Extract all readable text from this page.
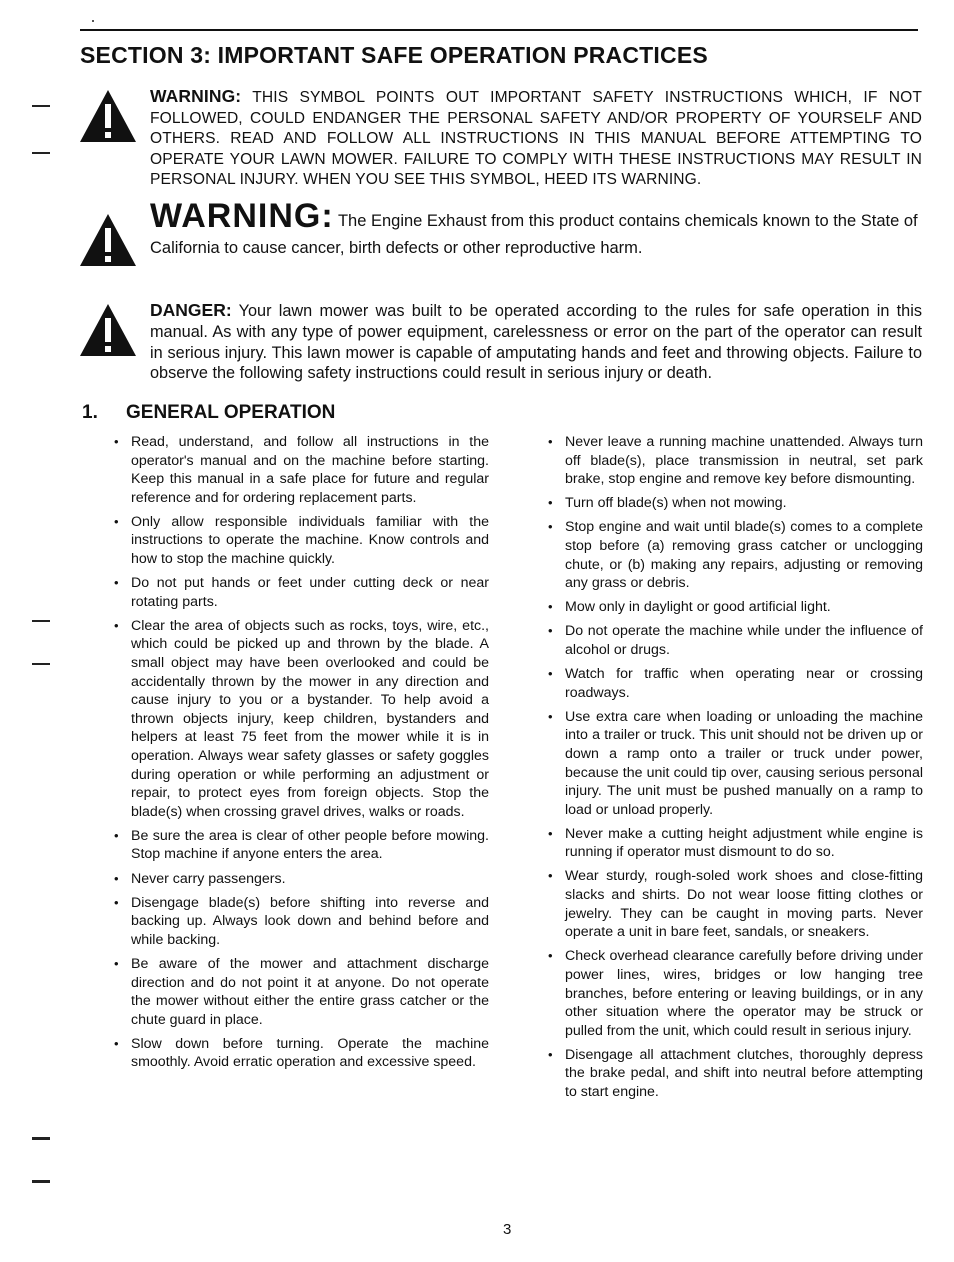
SECTION 3: IMPORTANT SAFE OPERATION PRACTICES
WARNING: THIS SYMBOL POINTS OUT IMPORTANT SAFETY INSTRUCTIONS WHICH, IF NOT FOLLOWED, COULD ENDANGER THE PERSONAL SAFETY AND/OR PROPERTY OF YOURSELF AND OTHERS. READ AND FOLLOW ALL INSTRUCTIONS IN THIS MANUAL BEFORE ATTEMPTING TO OPERATE YOUR LAWN MOWER. FAILURE TO COMPLY WITH THESE INSTRUCTIONS MAY RESULT IN PERSONAL INJURY. WHEN YOU SEE THIS SYMBOL, HEED ITS WARNING.
WARNING: The Engine Exhaust from this product contains chemicals known to the State of California to cause cancer, birth defects or other reproductive harm.
DANGER: Your lawn mower was built to be operated according to the rules for safe operation in this manual. As with any type of power equipment, carelessness or error on the part of the operator can result in serious injury. This lawn mower is capable of amputating hands and feet and throwing objects. Failure to observe the following safety instructions could result in serious injury or death.
1. GENERAL OPERATION
• Read, understand, and follow all instructions in the operator's manual and on the machine before starting. Keep this manual in a safe place for future and regular reference and for ordering replacement parts.
• Only allow responsible individuals familiar with the instructions to operate the machine. Know controls and how to stop the machine quickly.
• Do not put hands or feet under cutting deck or near rotating parts.
• Clear the area of objects such as rocks, toys, wire, etc., which could be picked up and thrown by the blade. A small object may have been overlooked and could be accidentally thrown by the mower in any direction and cause injury to you or a bystander. To help avoid a thrown objects injury, keep children, bystanders and helpers at least 75 feet from the mower while it is in operation. Always wear safety glasses or safety goggles during operation or while performing an adjustment or repair, to protect eyes from foreign objects. Stop the blade(s) when crossing gravel drives, walks or roads.
• Be sure the area is clear of other people before mowing. Stop machine if anyone enters the area.
• Never carry passengers.
• Disengage blade(s) before shifting into reverse and backing up. Always look down and behind before and while backing.
• Be aware of the mower and attachment discharge direction and do not point it at anyone. Do not operate the mower without either the entire grass catcher or the chute guard in place.
• Slow down before turning. Operate the machine smoothly. Avoid erratic operation and excessive speed.
• Never leave a running machine unattended. Always turn off blade(s), place transmission in neutral, set park brake, stop engine and remove key before dismounting.
• Turn off blade(s) when not mowing.
• Stop engine and wait until blade(s) comes to a complete stop before (a) removing grass catcher or unclogging chute, or (b) making any repairs, adjusting or removing any grass or debris.
• Mow only in daylight or good artificial light.
• Do not operate the machine while under the influence of alcohol or drugs.
• Watch for traffic when operating near or crossing roadways.
• Use extra care when loading or unloading the machine into a trailer or truck. This unit should not be driven up or down a ramp onto a trailer or truck under power, because the unit could tip over, causing serious personal injury. The unit must be pushed manually on a ramp to load or unload properly.
• Never make a cutting height adjustment while engine is running if operator must dismount to do so.
• Wear sturdy, rough-soled work shoes and close-fitting slacks and shirts. Do not wear loose fitting clothes or jewelry. They can be caught in moving parts. Never operate a unit in bare feet, sandals, or sneakers.
• Check overhead clearance carefully before driving under power lines, wires, bridges or low hanging tree branches, before entering or leaving buildings, or in any other situation where the operator may be struck or pulled from the unit, which could result in serious injury.
• Disengage all attachment clutches, thoroughly depress the brake pedal, and shift into neutral before attempting to start engine.
3
